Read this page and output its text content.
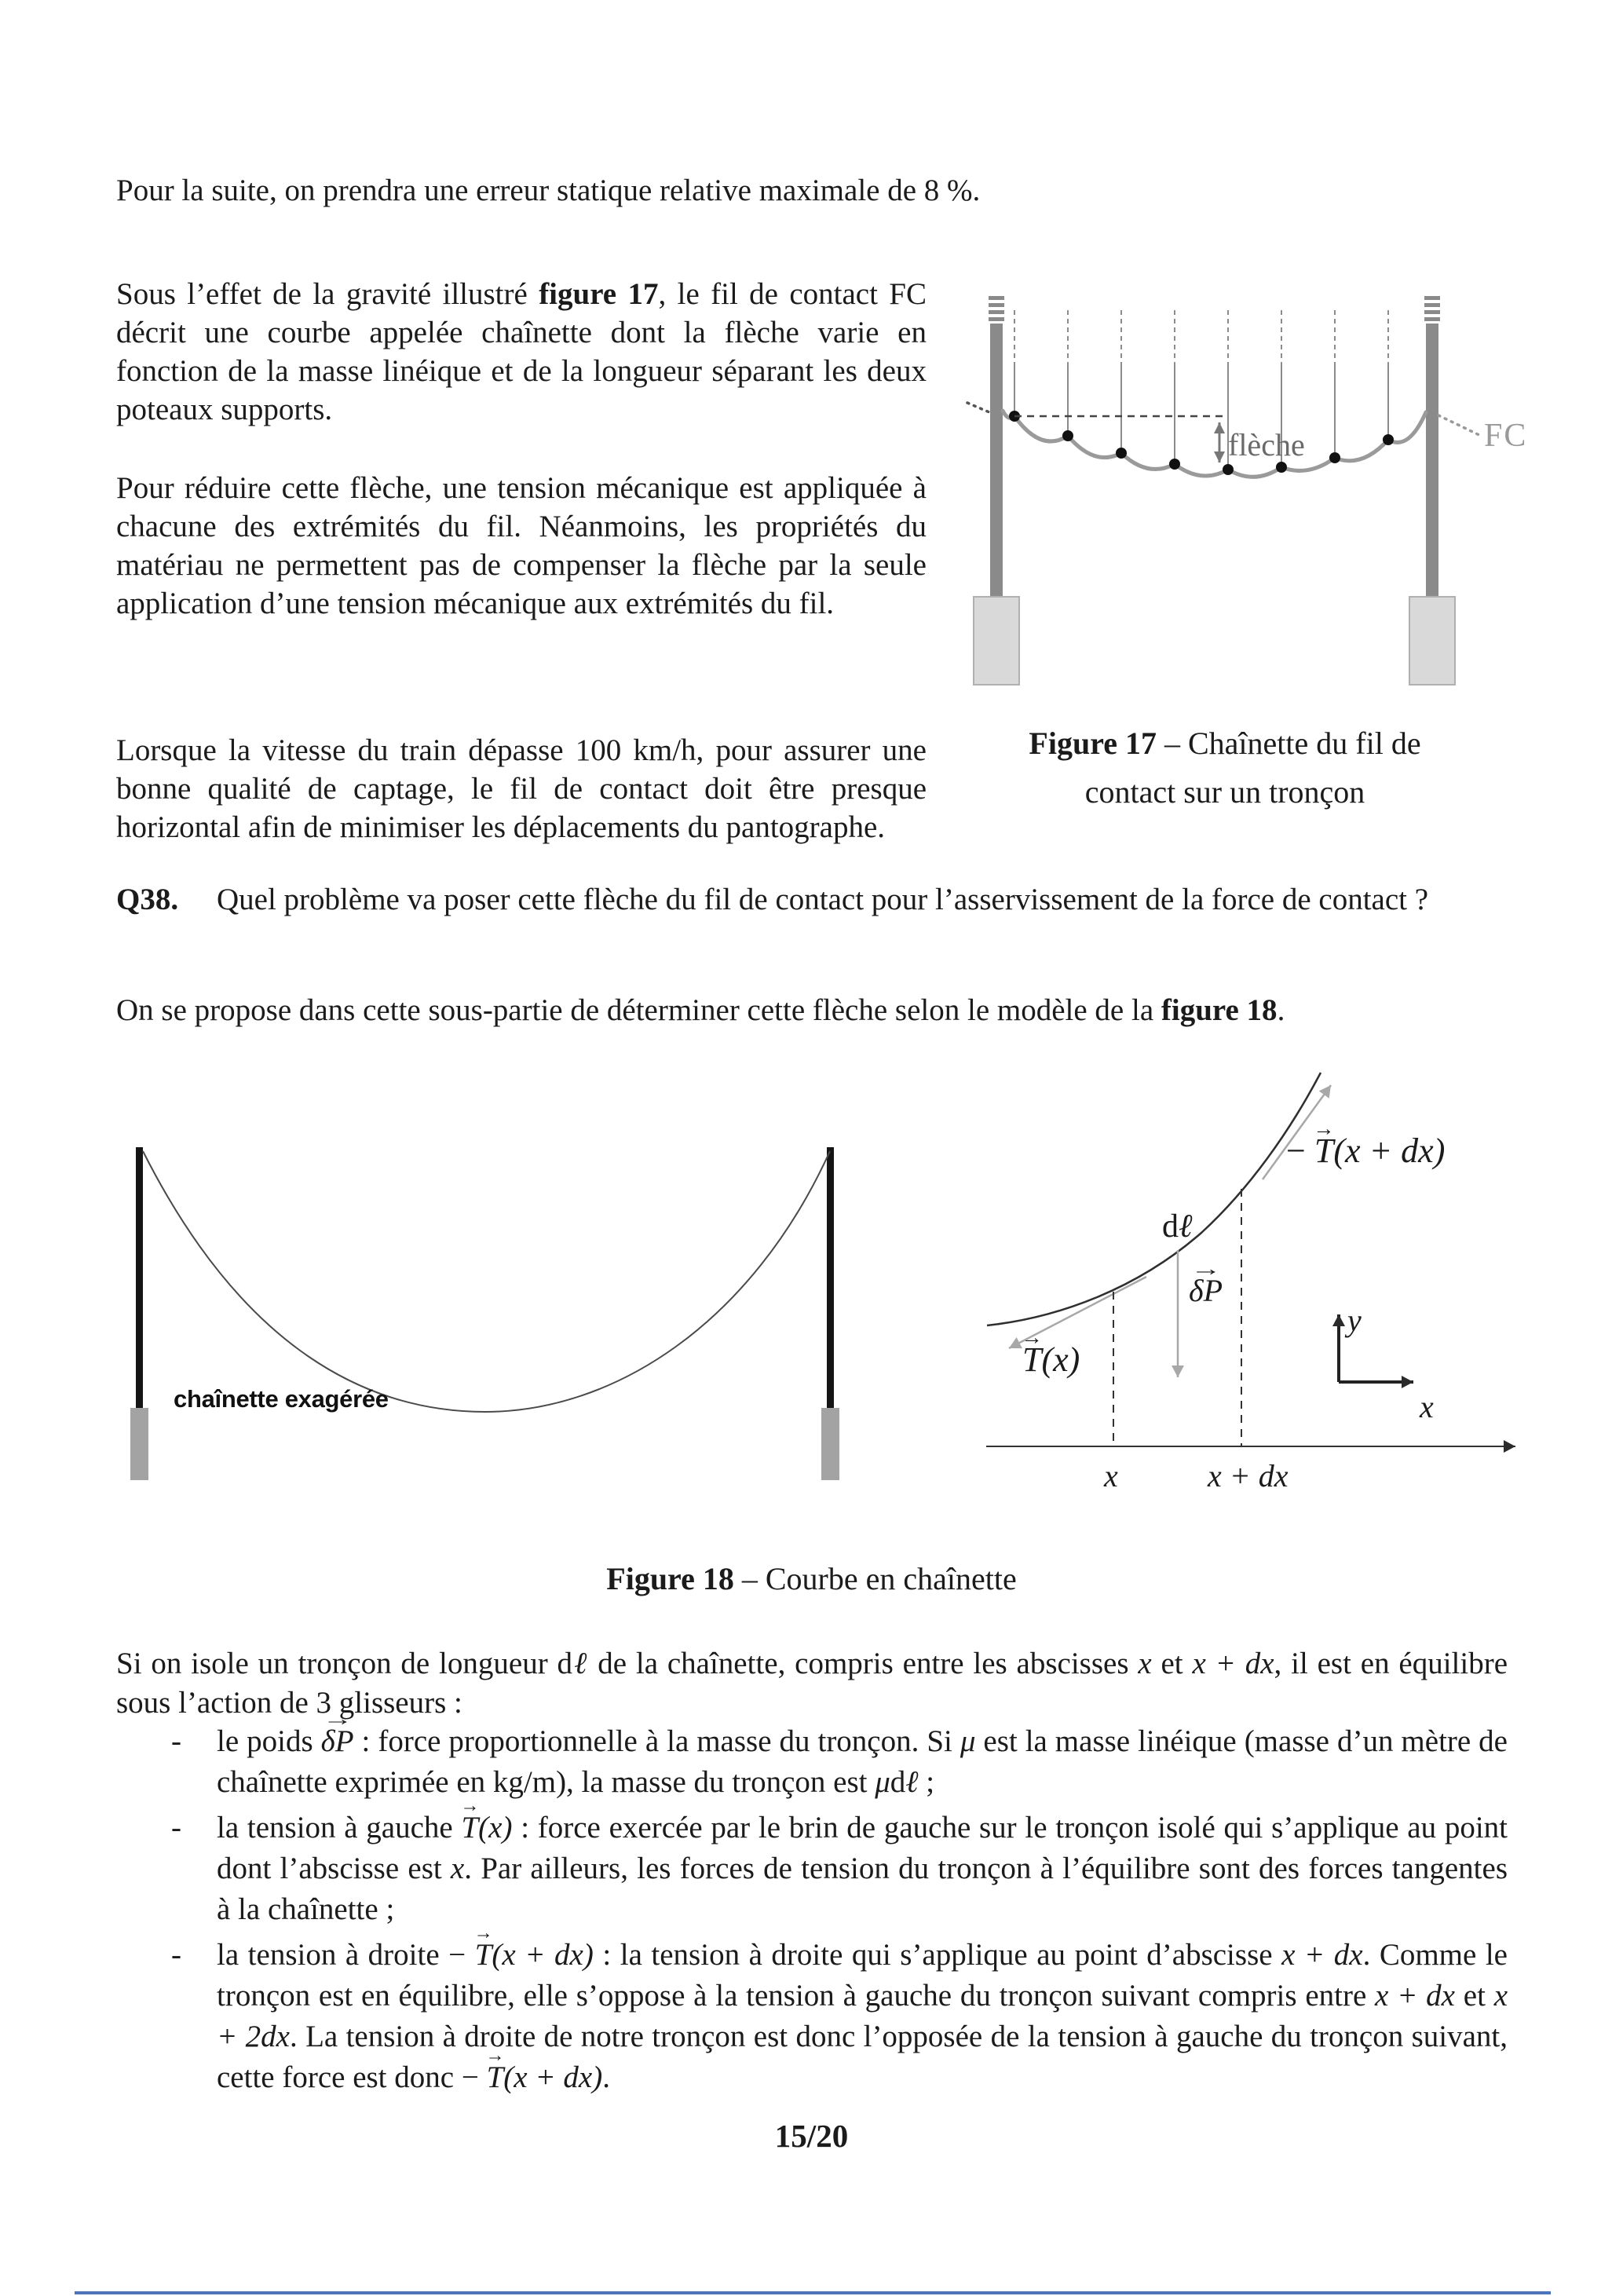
Pour la suite, on prendra une erreur statique relative maximale de 8 %.

Sous l’effet de la gravité illustré figure 17, le fil de contact FC décrit une courbe appelée chaînette dont la flèche varie en fonction de la masse linéique et de la longueur séparant les deux poteaux supports.

Pour réduire cette flèche, une tension mécanique est appliquée à chacune des extrémités du fil. Néanmoins, les propriétés du matériau ne permettent pas de compenser la flèche par la seule application d’une tension mécanique aux extrémités du fil.

Lorsque la vitesse du train dépasse 100 km/h, pour assurer une bonne qualité de captage, le fil de contact doit être presque horizontal afin de minimiser les déplacements du pantographe.

flèche	FC
Figure 17 – Chaînette du fil de contact sur un tronçon
Q38. Quel problème va poser cette flèche du fil de contact pour l’asservissement de la force de contact ?

On se propose dans cette sous-partie de déterminer cette flèche selon le modèle de la figure 18.

chaînette exagérée
− → T(x + dx)
dℓ
→ δP
→ T(x)
y
x
x	x + dx
Figure 18 – Courbe en chaînette

Si on isole un tronçon de longueur dℓ de la chaînette, compris entre les abscisses x et x + dx, il est en équilibre sous l’action de 3 glisseurs :

- le poids → δP : force proportionnelle à la masse du tronçon. Si μ est la masse linéique (masse d’un mètre de chaînette exprimée en kg/m), la masse du tronçon est μdℓ ;
- la tension à gauche → T(x) : force exercée par le brin de gauche sur le tronçon isolé qui s’applique au point dont l’abscisse est x. Par ailleurs, les forces de tension du tronçon à l’équilibre sont des forces tangentes à la chaînette ;
- la tension à droite − → T(x + dx) : la tension à droite qui s’applique au point d’abscisse x + dx. Comme le tronçon est en équilibre, elle s’oppose à la tension à gauche du tronçon suivant compris entre x + dx et x + 2dx. La tension à droite de notre tronçon est donc l’opposée de la tension à gauche du tronçon suivant, cette force est donc − → T(x + dx).
15/20
